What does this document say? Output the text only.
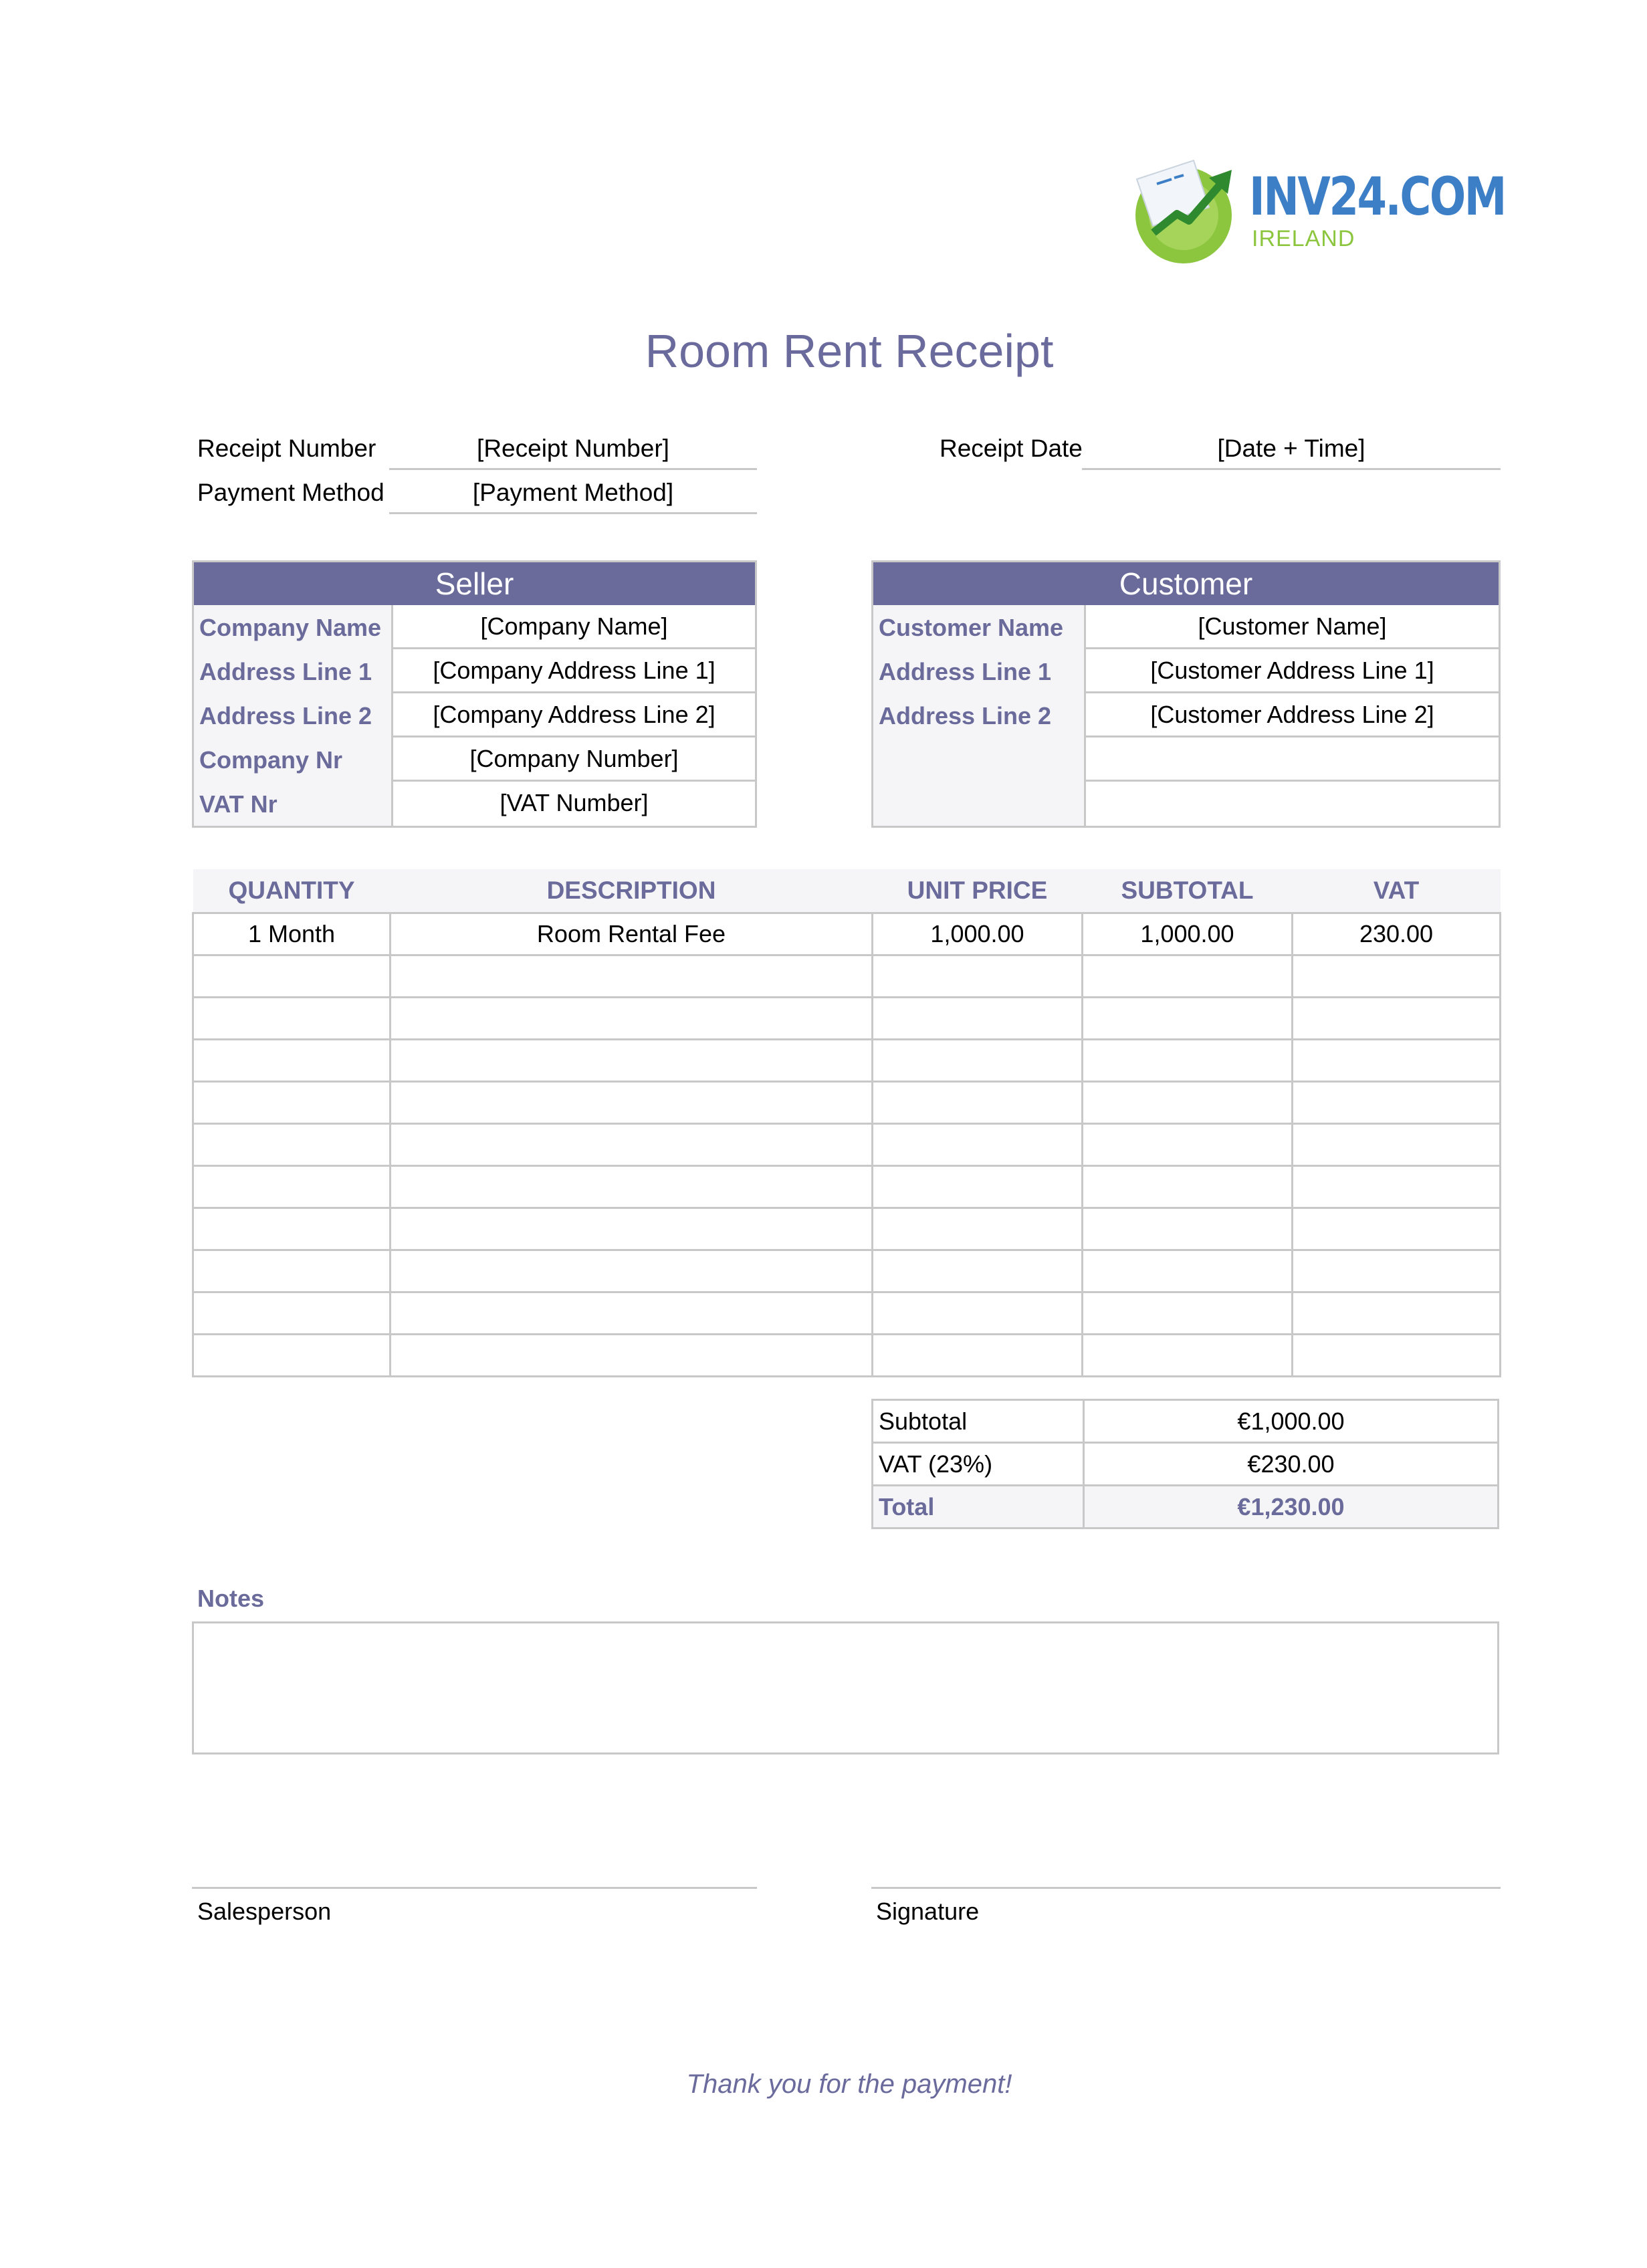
INV24.COM
IRELAND
Room Rent Receipt
Receipt Number	[Receipt Number]
Payment Method	[Payment Method]
Receipt Date	[Date + Time]
Seller
Company Name	[Company Name]
Address Line 1	[Company Address Line 1]
Address Line 2	[Company Address Line 2]
Company Nr	[Company Number]
VAT Nr	[VAT Number]
Customer
Customer Name	[Customer Name]
Address Line 1	[Customer Address Line 1]
Address Line 2	[Customer Address Line 2]
QUANTITY	DESCRIPTION	UNIT PRICE	SUBTOTAL	VAT
1 Month	Room Rental Fee	1,000.00	1,000.00	230.00

Subtotal	€1,000.00
VAT (23%)	€230.00
Total	€1,230.00
Notes
Salesperson	Signature
Thank you for the payment!
